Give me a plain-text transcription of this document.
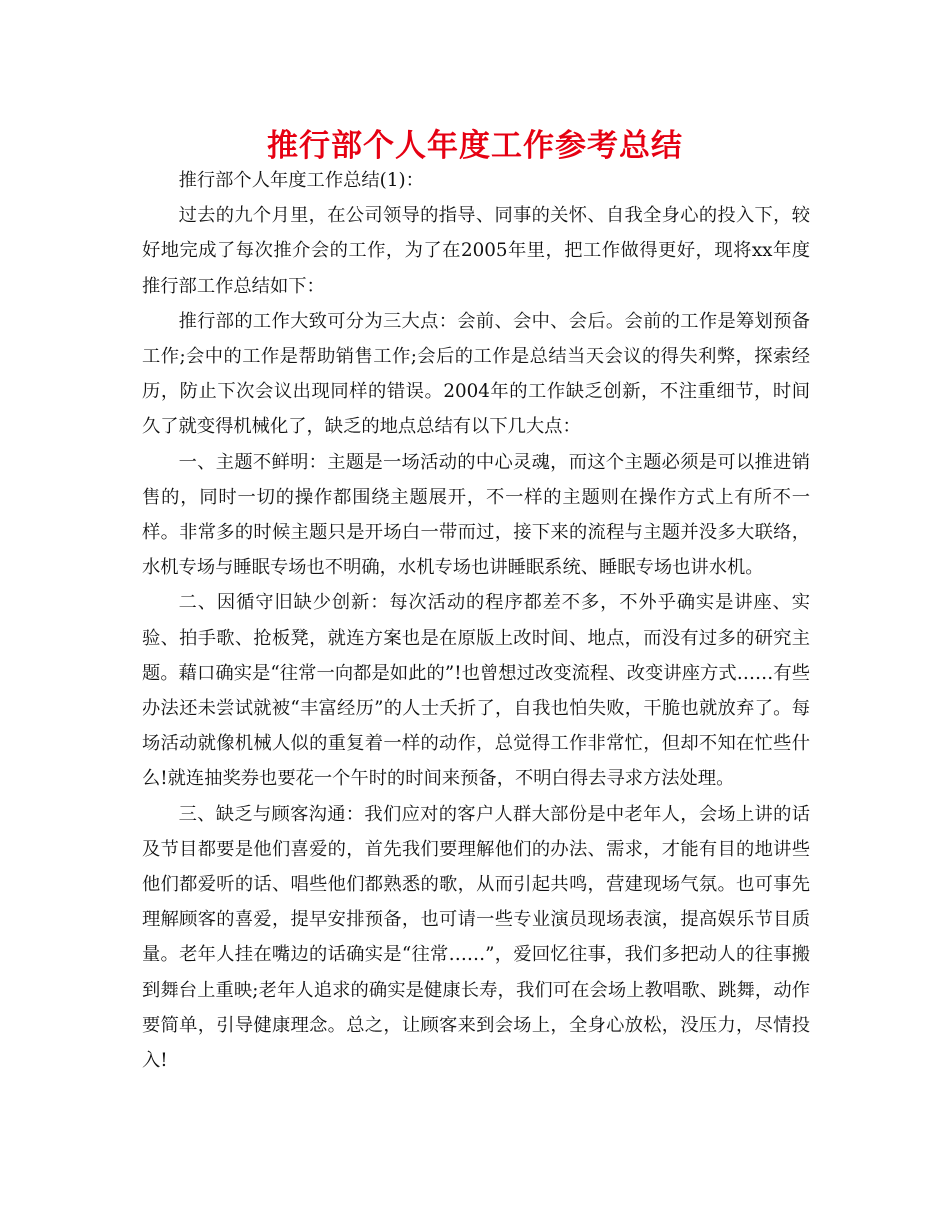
推行部个人年度工作参考总结

推行部个人年度工作总结(1)：

过去的九个月里，在公司领导的指导、同事的关怀、自我全身心的投入下，较好地完成了每次推介会的工作，为了在2005年里，把工作做得更好，现将xx年度推行部工作总结如下：

推行部的工作大致可分为三大点：会前、会中、会后。会前的工作是筹划预备工作;会中的工作是帮助销售工作;会后的工作是总结当天会议的得失利弊，探索经历，防止下次会议出现同样的错误。2004年的工作缺乏创新，不注重细节，时间久了就变得机械化了，缺乏的地点总结有以下几大点：

一、主题不鲜明：主题是一场活动的中心灵魂，而这个主题必须是可以推进销售的，同时一切的操作都围绕主题展开，不一样的主题则在操作方式上有所不一样。非常多的时候主题只是开场白一带而过，接下来的流程与主题并没多大联络，水机专场与睡眠专场也不明确，水机专场也讲睡眠系统、睡眠专场也讲水机。

二、因循守旧缺少创新：每次活动的程序都差不多，不外乎确实是讲座、实验、拍手歌、抢板凳，就连方案也是在原版上改时间、地点，而没有过多的研究主题。藉口确实是“往常一向都是如此的”!也曾想过改变流程、改变讲座方式……有些办法还未尝试就被“丰富经历”的人士夭折了，自我也怕失败，干脆也就放弃了。每场活动就像机械人似的重复着一样的动作，总觉得工作非常忙，但却不知在忙些什么!就连抽奖券也要花一个午时的时间来预备，不明白得去寻求方法处理。

三、缺乏与顾客沟通：我们应对的客户人群大部份是中老年人，会场上讲的话及节目都要是他们喜爱的，首先我们要理解他们的办法、需求，才能有目的地讲些他们都爱听的话、唱些他们都熟悉的歌，从而引起共鸣，营建现场气氛。也可事先理解顾客的喜爱，提早安排预备，也可请一些专业演员现场表演，提高娱乐节目质量。老年人挂在嘴边的话确实是“往常……”，爱回忆往事，我们多把动人的往事搬到舞台上重映;老年人追求的确实是健康长寿，我们可在会场上教唱歌、跳舞，动作要简单，引导健康理念。总之，让顾客来到会场上，全身心放松，没压力，尽情投入!
